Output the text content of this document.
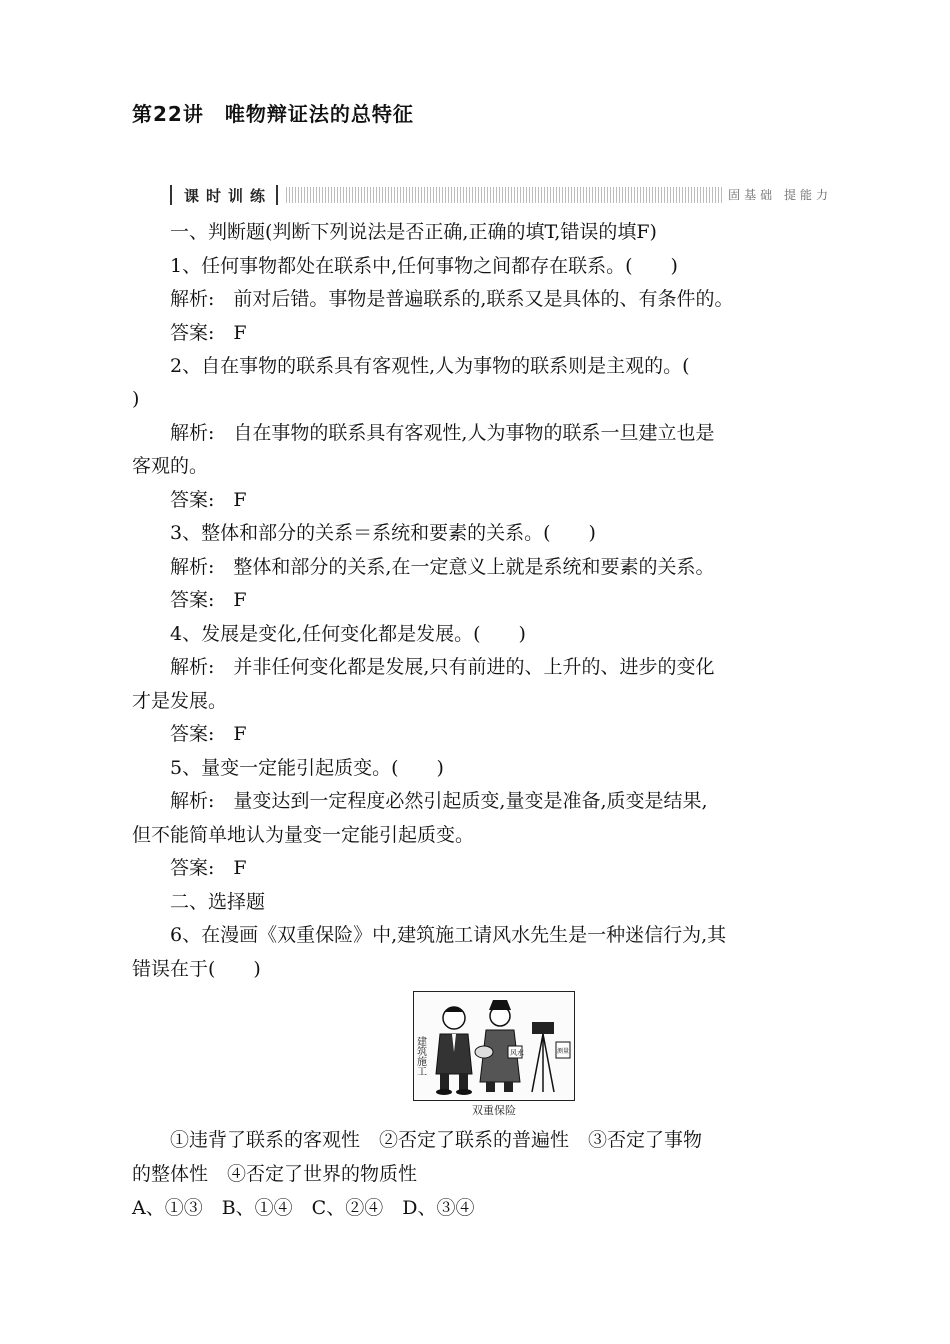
第22讲　唯物辩证法的总特征
课时训练	固基础 提能力
一、判断题(判断下列说法是否正确,正确的填T,错误的填F)
1、任何事物都处在联系中,任何事物之间都存在联系。(　　)
解析:　前对后错。事物是普遍联系的,联系又是具体的、有条件的。
答案:　F
2、自在事物的联系具有客观性,人为事物的联系则是主观的。(
)
解析:　自在事物的联系具有客观性,人为事物的联系一旦建立也是
客观的。
答案:　F
3、整体和部分的关系＝系统和要素的关系。(　　)
解析:　整体和部分的关系,在一定意义上就是系统和要素的关系。
答案:　F
4、发展是变化,任何变化都是发展。(　　)
解析:　并非任何变化都是发展,只有前进的、上升的、进步的变化
才是发展。
答案:　F
5、量变一定能引起质变。(　　)
解析:　量变达到一定程度必然引起质变,量变是准备,质变是结果,
但不能简单地认为量变一定能引起质变。
答案:　F
二、选择题
6、在漫画《双重保险》中,建筑施工请风水先生是一种迷信行为,其
错误在于(　　)
建筑施工	风水	测量
双重保险
①违背了联系的客观性　②否定了联系的普遍性　③否定了事物
的整体性　④否定了世界的物质性
A、①③　B、①④　C、②④　D、③④
